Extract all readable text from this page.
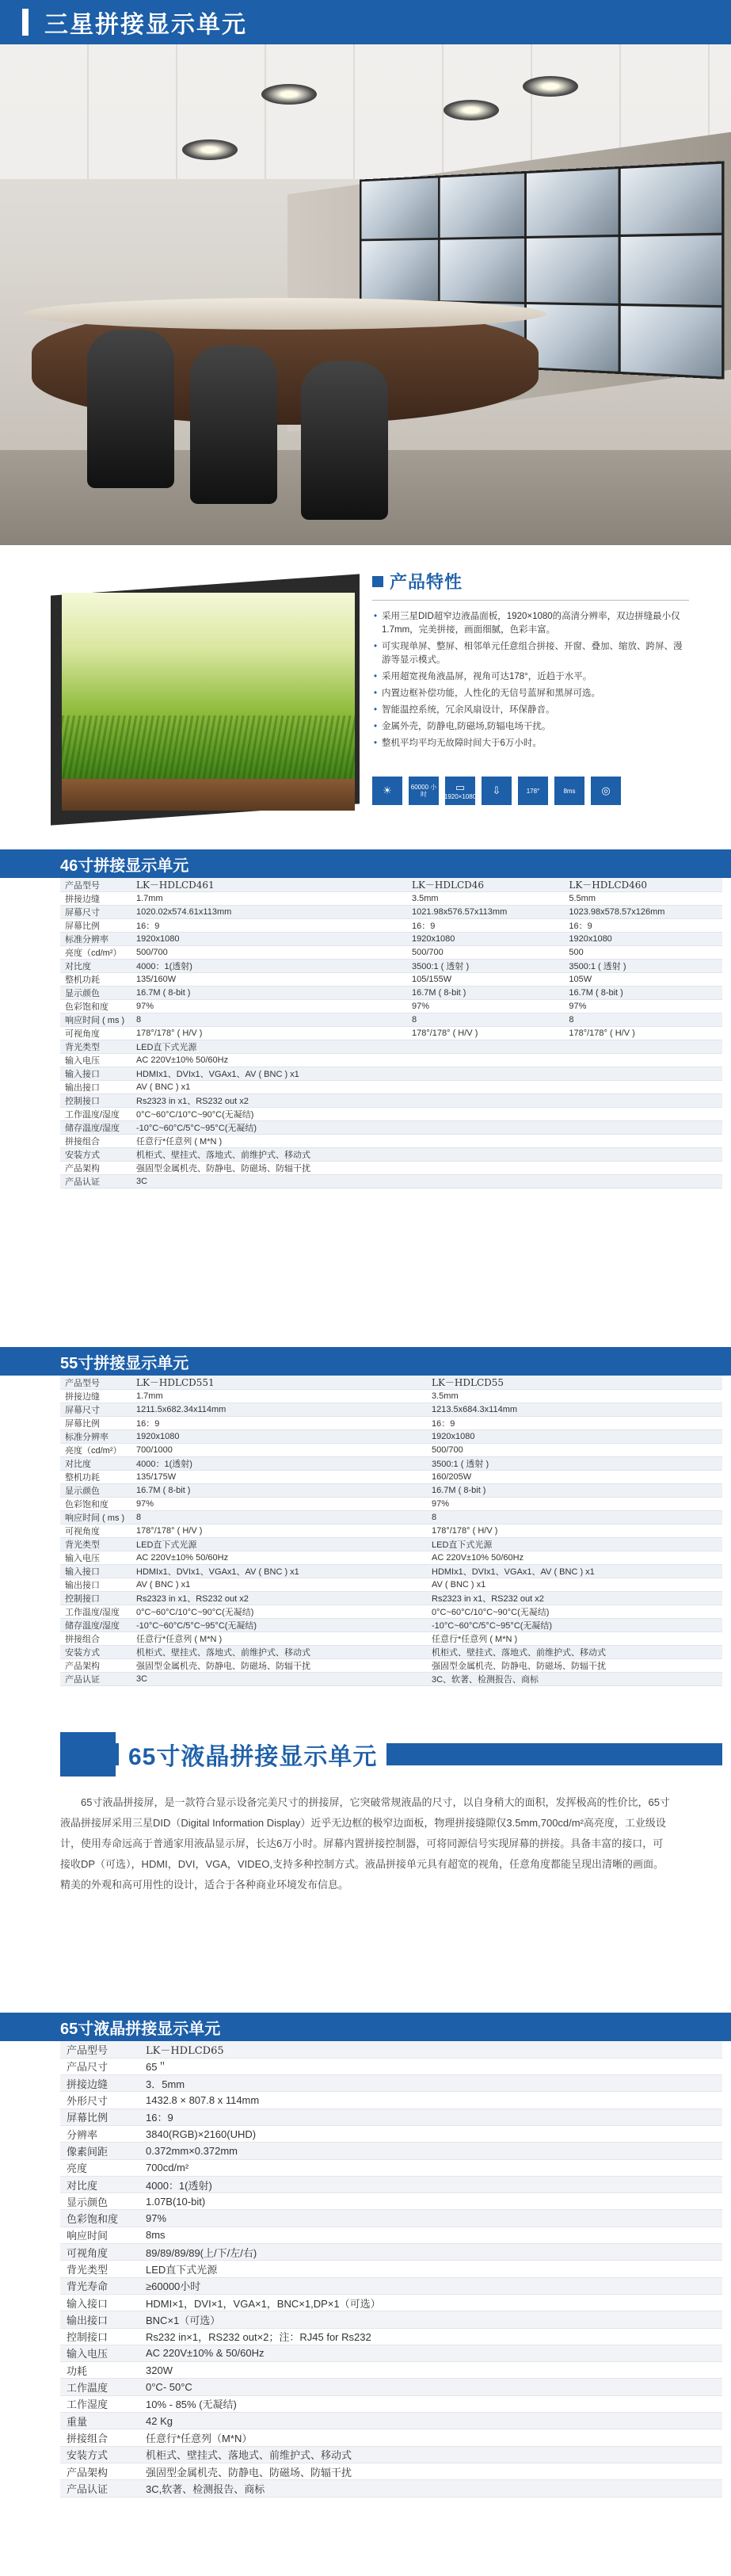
三星拼接显示单元
产品特性
• 采用三星DID超窄边液晶面板，1920×1080的高清分辨率，双边拼缝最小仅1.7mm，完美拼接，画面细腻，色彩丰富。
• 可实现单屏、整屏、相邻单元任意组合拼接、开窗、叠加、缩放、跨屏、漫游等显示模式。
• 采用超宽视角液晶屏，视角可达178°，近趋于水平。
• 内置边框补偿功能，人性化的无信号蓝屏和黑屏可选。
• 智能温控系统，冗余风扇设计，环保静音。
• 金属外壳，防静电,防磁场,防辐电场干扰。
• 整机平均平均无故障时间大于6万小时。
☀	60000 小时
▭
1920×1080 ⇩	178°	8ms	◎
46寸拼接显示单元
产品型号	LK－HDLCD461	LK－HDLCD46	LK－HDLCD460
拼接边缝	1.7mm	3.5mm	5.5mm
屏幕尺寸	1020.02x574.61x113mm	1021.98x576.57x113mm	1023.98x578.57x126mm
屏幕比例	16：9	16：9	16：9
标准分辨率	1920x1080	1920x1080	1920x1080
亮度（cd/m²）	500/700	500/700	500
对比度	4000：1(透射)	3500:1 ( 透射 )	3500:1 ( 透射 )
整机功耗	135/160W	105/155W	105W
显示颜色	16.7M ( 8-bit )	16.7M ( 8-bit )	16.7M ( 8-bit )
色彩饱和度	97%	97%	97%
响应时间 ( ms )	8	8	8
可视角度	178°/178° ( H/V )	178°/178° ( H/V )	178°/178° ( H/V )
背光类型	LED直下式光源		
输入电压	AC 220V±10% 50/60Hz		
输入接口	HDMIx1、DVIx1、VGAx1、AV ( BNC ) x1		
输出接口	AV ( BNC ) x1		
控制接口	Rs2323 in x1、RS232 out x2		
工作温度/湿度	0°C~60°C/10°C~90°C(无凝结)		
储存温度/湿度	-10°C~60°C/5°C~95°C(无凝结)		
拼接组合	任意行*任意列 ( M*N )		
安装方式	机柜式、壁挂式、落地式、前维护式、移动式		
产品架构	强固型金属机壳、防静电、防磁场、防辐干扰		
产品认证	3C		
55寸拼接显示单元
产品型号	LK－HDLCD551	LK－HDLCD55
拼接边缝	1.7mm	3.5mm
屏幕尺寸	1211.5x682.34x114mm	1213.5x684.3x114mm
屏幕比例	16：9	16：9
标准分辨率	1920x1080	1920x1080
亮度（cd/m²）	700/1000	500/700
对比度	4000：1(透射)	3500:1 ( 透射 )
整机功耗	135/175W	160/205W
显示颜色	16.7M ( 8-bit )	16.7M ( 8-bit )
色彩饱和度	97%	97%
响应时间 ( ms )	8	8
可视角度	178°/178° ( H/V )	178°/178° ( H/V )
背光类型	LED直下式光源	LED直下式光源
输入电压	AC 220V±10% 50/60Hz	AC 220V±10% 50/60Hz
输入接口	HDMIx1、DVIx1、VGAx1、AV ( BNC ) x1	HDMIx1、DVIx1、VGAx1、AV ( BNC ) x1
输出接口	AV ( BNC ) x1	AV ( BNC ) x1
控制接口	Rs2323 in x1、RS232 out x2	Rs2323 in x1、RS232 out x2
工作温度/湿度	0°C~60°C/10°C~90°C(无凝结)	0°C~60°C/10°C~90°C(无凝结)
储存温度/湿度	-10°C~60°C/5°C~95°C(无凝结)	-10°C~60°C/5°C~95°C(无凝结)
拼接组合	任意行*任意列 ( M*N )	任意行*任意列 ( M*N )
安装方式	机柜式、壁挂式、落地式、前维护式、移动式	机柜式、壁挂式、落地式、前维护式、移动式
产品架构	强固型金属机壳、防静电、防磁场、防辐干扰	强固型金属机壳、防静电、防磁场、防辐干扰
产品认证	3C	3C、软著、检测报告、商标
65寸液晶拼接显示单元

65寸液晶拼接屏，是一款符合显示设备完美尺寸的拼接屏，它突破常规液晶的尺寸，以自身稍大的面积，发挥极高的性价比，65寸液晶拼接屏采用三星DID（Digital Information Display）近乎无边框的极窄边面板，物理拼接缝隙仅3.5mm,700cd/m²高亮度，工业级设计，使用寿命远高于普通家用液晶显示屏，长达6万小时。屏幕内置拼接控制器，可将同源信号实现屏幕的拼接。具备丰富的接口，可接收DP（可选），HDMI，DVI，VGA，VIDEO,支持多种控制方式。液晶拼接单元具有超宽的视角，任意角度都能呈现出清晰的画面。精美的外观和高可用性的设计，适合于各种商业环境发布信息。

65寸液晶拼接显示单元
产品型号	LK－HDLCD65
产品尺寸	65＂
拼接边缝	3．5mm
外形尺寸	1432.8 × 807.8 x 114mm
屏幕比例	16：9
分辨率	3840(RGB)×2160(UHD)
像素间距	0.372mm×0.372mm
亮度	700cd/m²
对比度	4000：1(透射)
显示颜色	1.07B(10-bit)
色彩饱和度	97%
响应时间	8ms
可视角度	89/89/89/89(上/下/左/右)
背光类型	LED直下式光源
背光寿命	≥60000小时
输入接口	HDMI×1，DVI×1，VGA×1，BNC×1,DP×1（可选）
输出接口	BNC×1（可选）
控制接口	Rs232 in×1，RS232 out×2；注：RJ45 for Rs232
输入电压	AC 220V±10% & 50/60Hz
功耗	320W
工作温度	0°C- 50°C
工作湿度	10% - 85% (无凝结)
重量	42 Kg
拼接组合	任意行*任意列（M*N）
安装方式	机柜式、壁挂式、落地式、前维护式、移动式
产品架构	强固型金属机壳、防静电、防磁场、防辐干扰
产品认证	3C,软著、检测报告、商标
